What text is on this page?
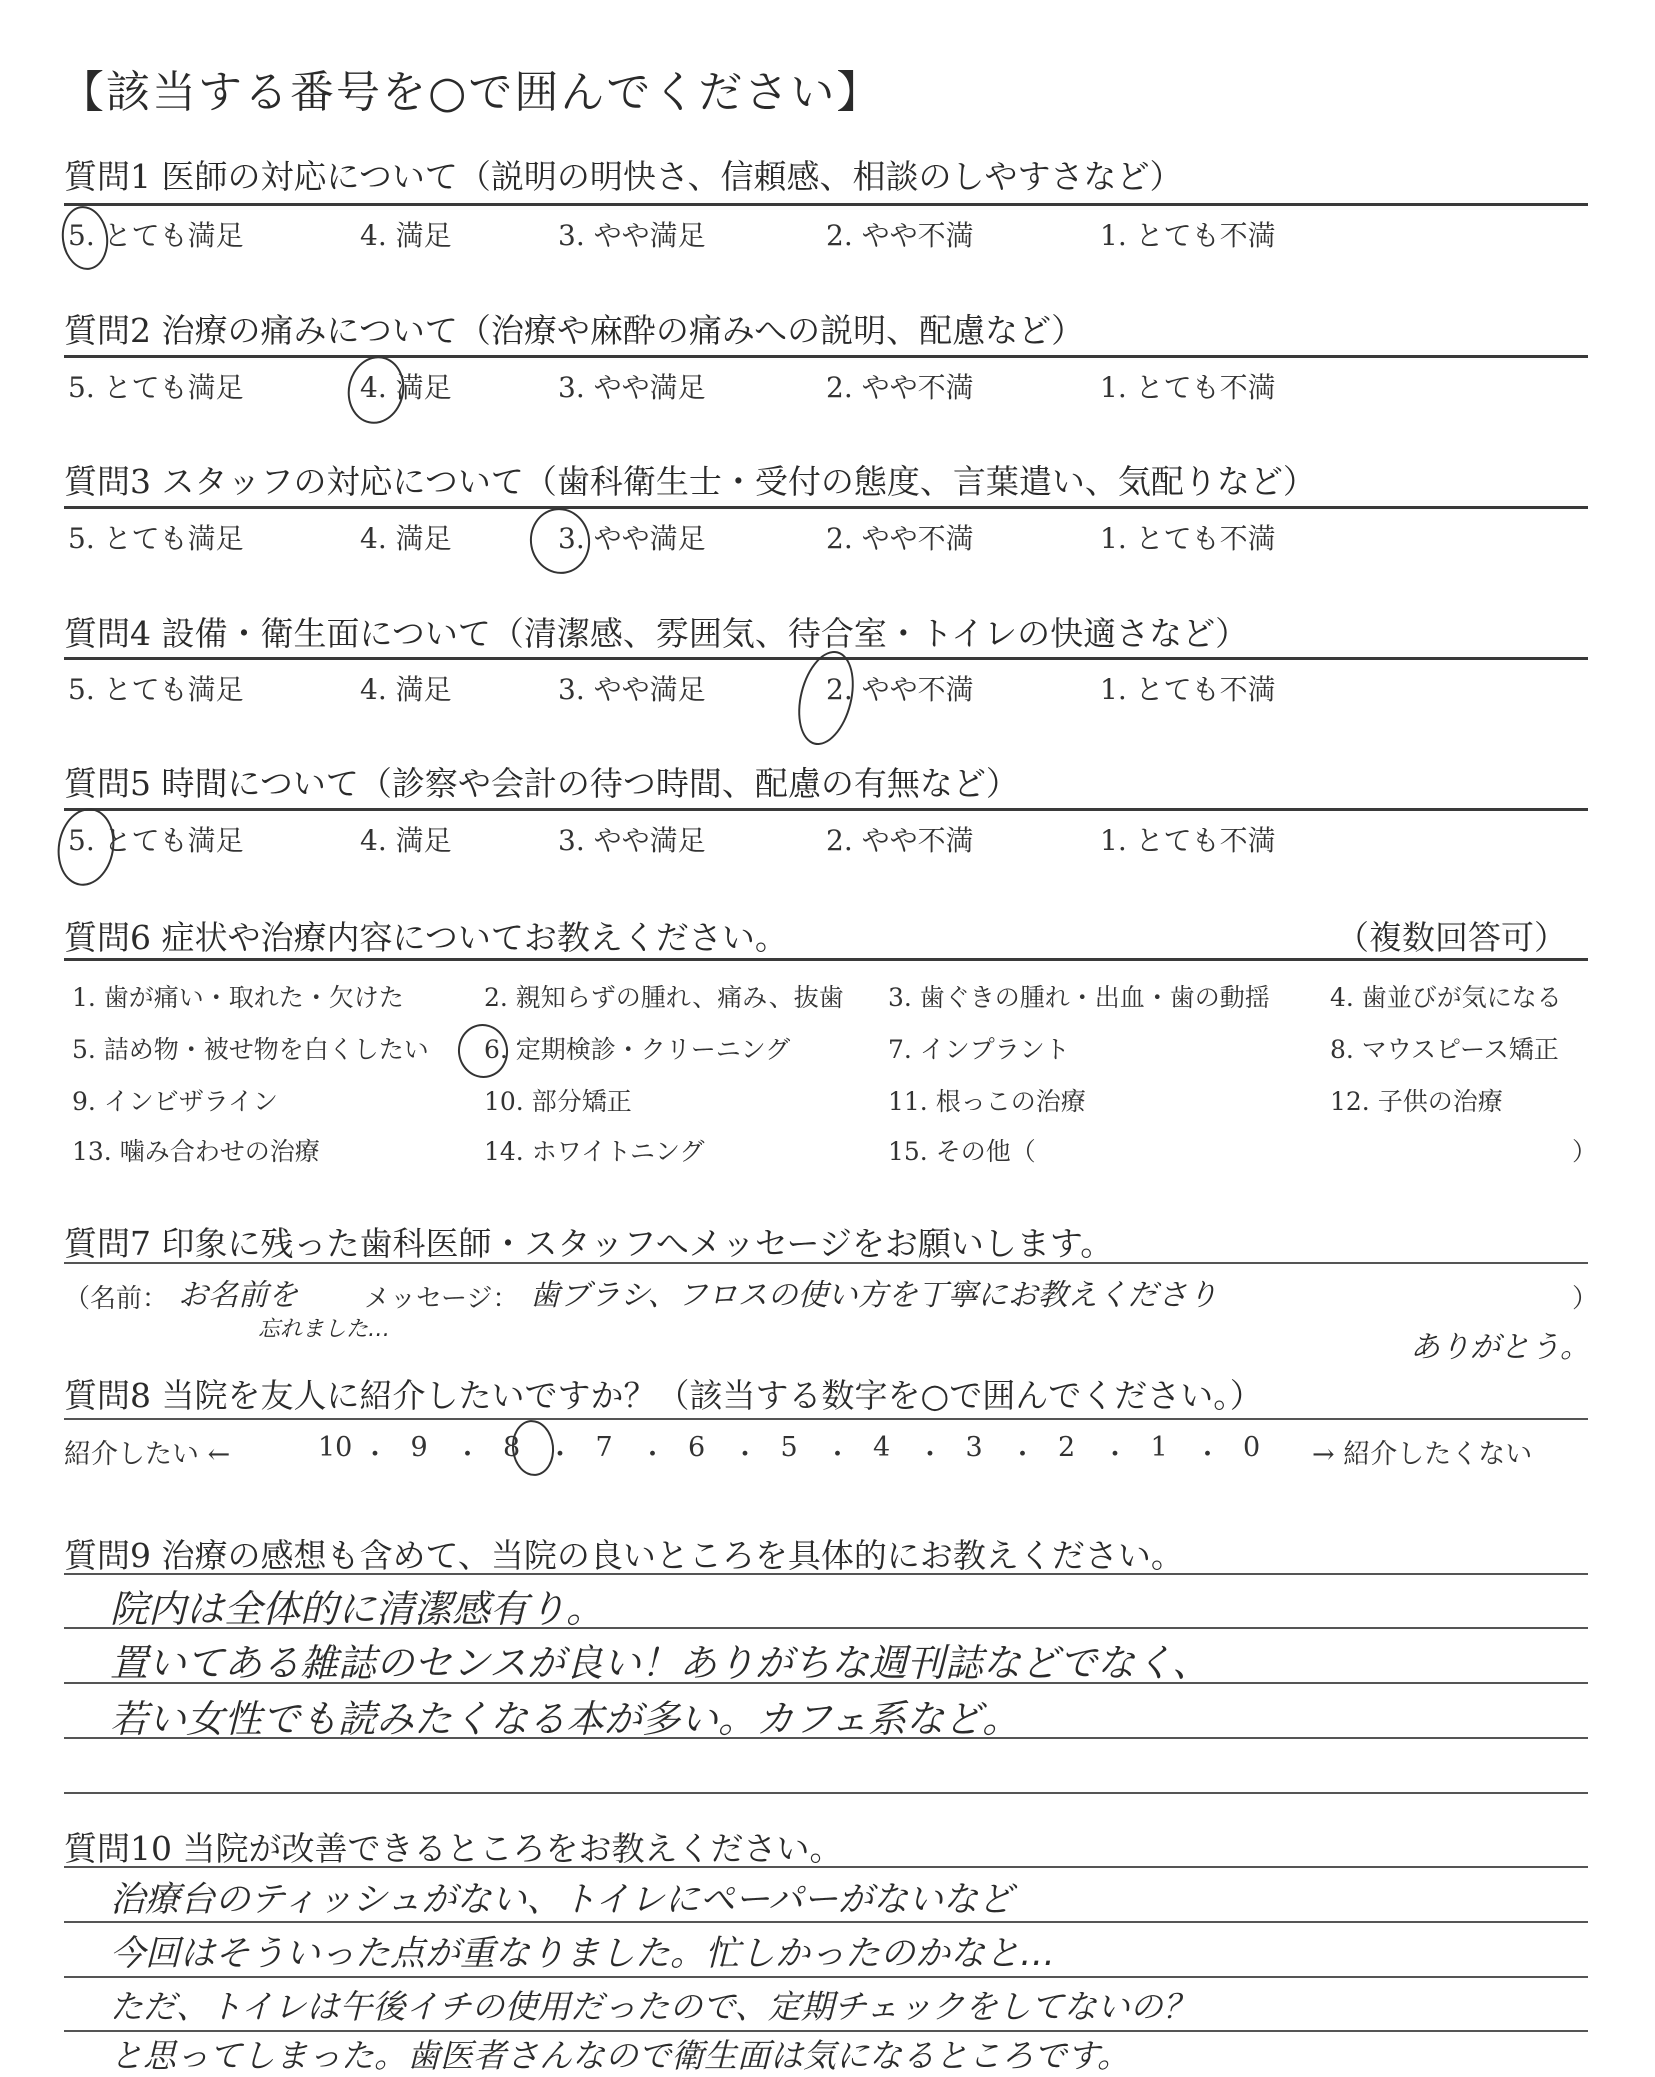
【該当する番号を○で囲んでください】
質問1 医師の対応について（説明の明快さ、信頼感、相談のしやすさなど）
5. とても満足	4. 満足	3. やや満足	2. やや不満	1. とても不満
質問2 治療の痛みについて（治療や麻酔の痛みへの説明、配慮など）
5. とても満足	4. 満足	3. やや満足	2. やや不満	1. とても不満
質問3 スタッフの対応について（歯科衛生士・受付の態度、言葉遣い、気配りなど）
5. とても満足	4. 満足	3. やや満足	2. やや不満	1. とても不満
質問4 設備・衛生面について（清潔感、雰囲気、待合室・トイレの快適さなど）
5. とても満足	4. 満足	3. やや満足	2. やや不満	1. とても不満
質問5 時間について（診察や会計の待つ時間、配慮の有無など）
5. とても満足	4. 満足	3. やや満足	2. やや不満	1. とても不満
質問6 症状や治療内容についてお教えください。	（複数回答可）
1. 歯が痛い・取れた・欠けた	2. 親知らずの腫れ、痛み、抜歯 3. 歯ぐきの腫れ・出血・歯の動揺 4. 歯並びが気になる
5. 詰め物・被せ物を白くしたい 6. 定期検診・クリーニング	7. インプラント	8. マウスピース矯正
9. インビザライン	10. 部分矯正	11. 根っこの治療	12. 子供の治療
13. 噛み合わせの治療	14. ホワイトニング	15. その他（	）
質問7 印象に残った歯科医師・スタッフへメッセージをお願いします。
（名前： お名前を
忘れました…
メッセージ： 歯ブラシ、フロスの使い方を丁寧にお教えくださり
ありがとう。
）
質問8 当院を友人に紹介したいですか？（該当する数字を○で囲んでください。）
紹介したい ←	→ 紹介したくない
10 ・ 9 ・ 8 ・ 7 ・ 6 ・ 5 ・ 4 ・ 3 ・ 2 ・ 1 ・ 0
質問9 治療の感想も含めて、当院の良いところを具体的にお教えください。
院内は全体的に清潔感有り。
置いてある雑誌のセンスが良い！ありがちな週刊誌などでなく、
若い女性でも読みたくなる本が多い。カフェ系など。
質問10 当院が改善できるところをお教えください。
治療台のティッシュがない、トイレにペーパーがないなど
今回はそういった点が重なりました。忙しかったのかなと…
ただ、トイレは午後イチの使用だったので、定期チェックをしてないの？
と思ってしまった。歯医者さんなので衛生面は気になるところです。
